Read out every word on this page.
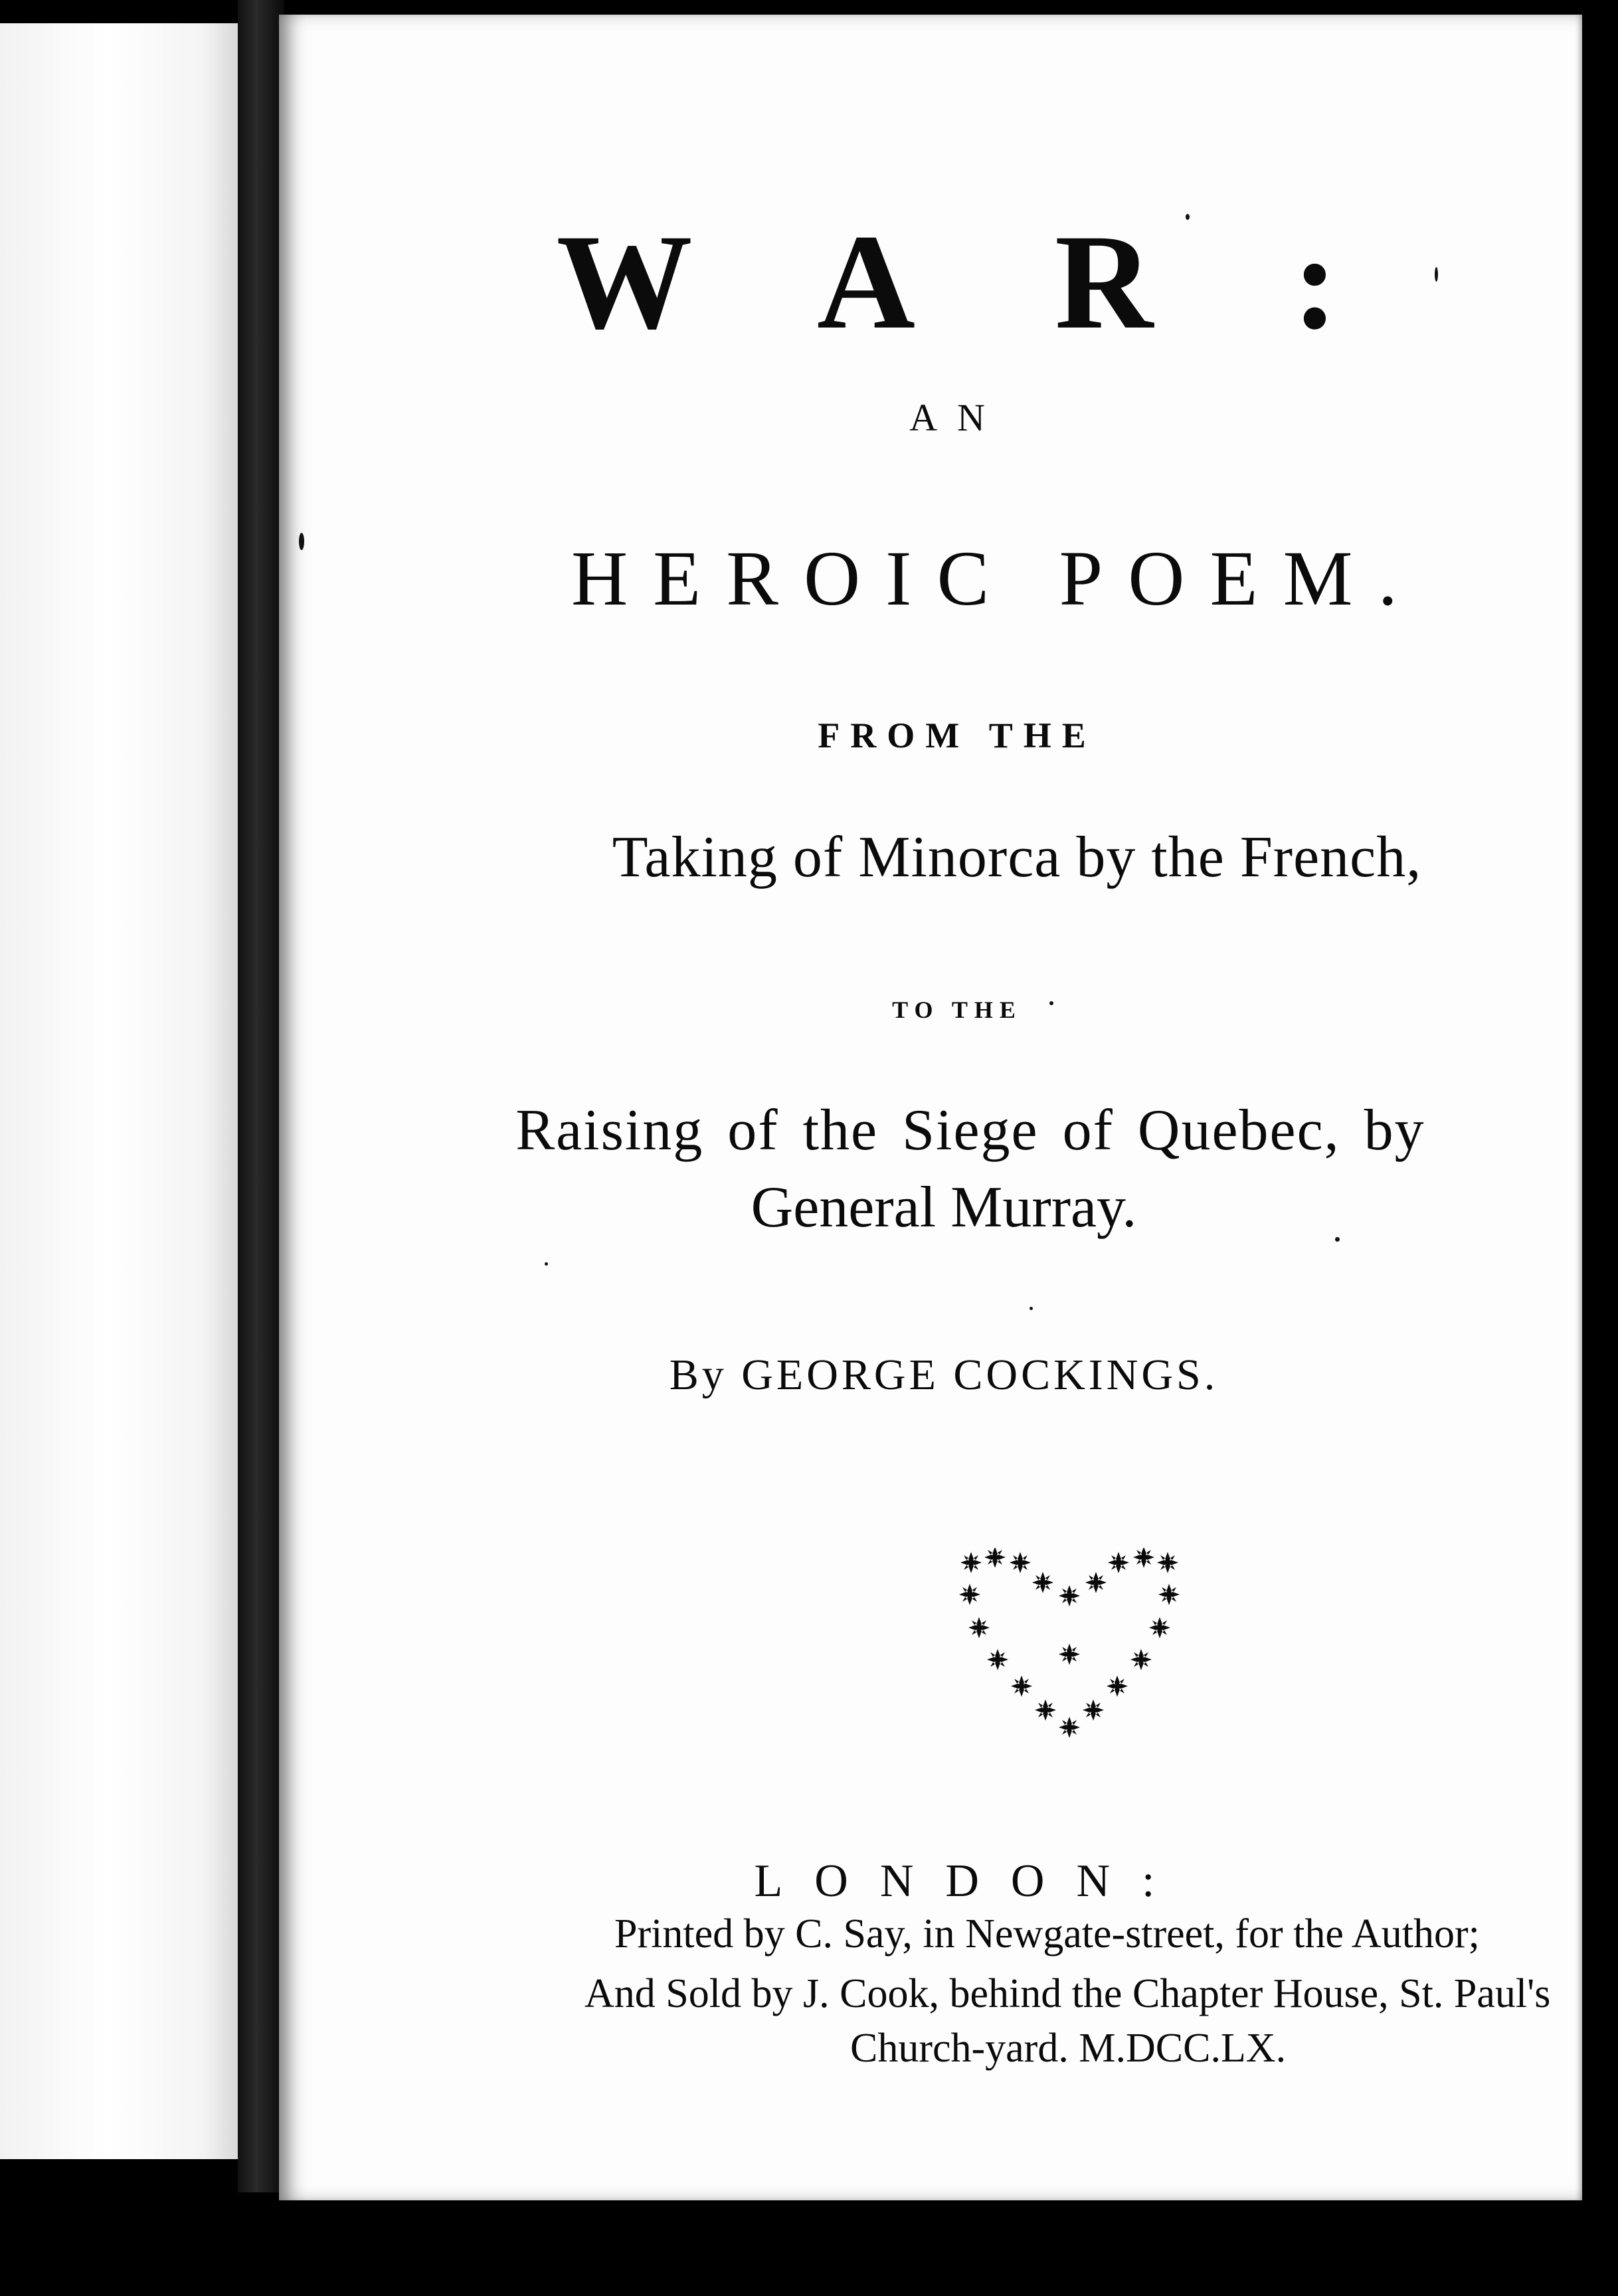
WAR:
AN
HEROIC POEM.
FROM THE
Taking of Minorca by the French,
TO THE
Raising of the Siege of Quebec, by
General Murray.
By GEORGE COCKINGS.
LONDON:
Printed by C. Say, in Newgate-street, for the Author;
And Sold by J. Cook, behind the Chapter House, St. Paul's
Church-yard. M.DCC.LX.
